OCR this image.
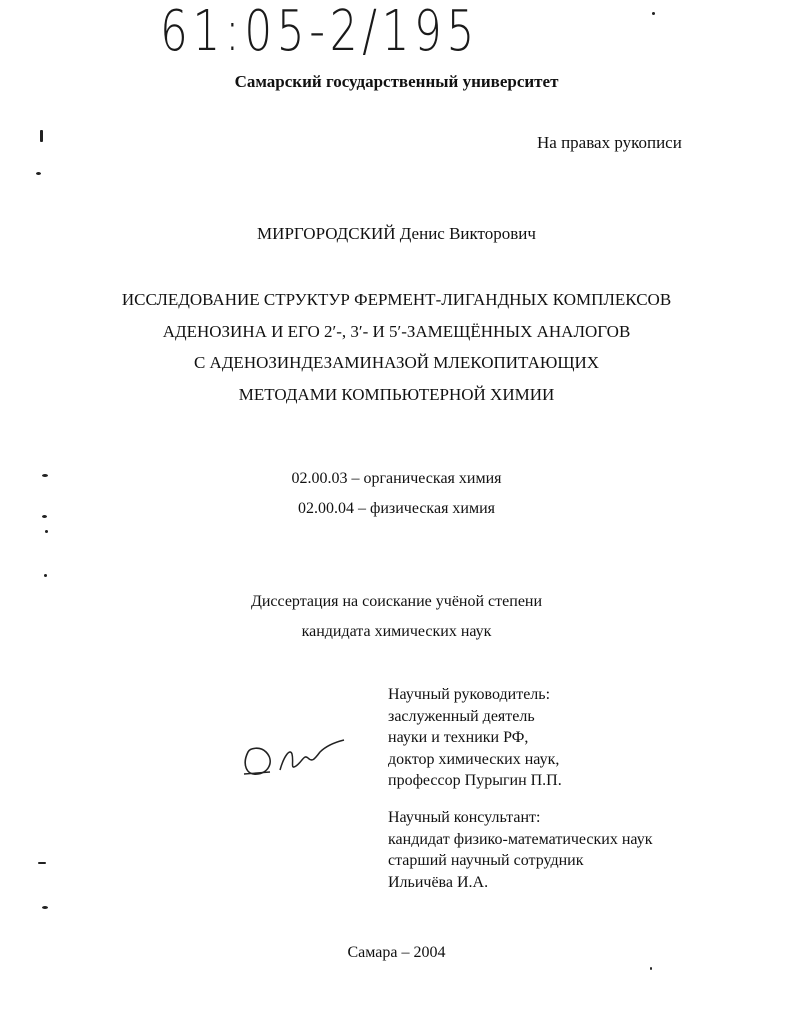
61:05-2/195
Самарский государственный университет
На правах рукописи
МИРГОРОДСКИЙ Денис Викторович
ИССЛЕДОВАНИЕ СТРУКТУР ФЕРМЕНТ-ЛИГАНДНЫХ КОМПЛЕКСОВ
АДЕНОЗИНА И ЕГО 2′-, 3′- И 5′-ЗАМЕЩЁННЫХ АНАЛОГОВ
С АДЕНОЗИНДЕЗАМИНАЗОЙ МЛЕКОПИТАЮЩИХ
МЕТОДАМИ КОМПЬЮТЕРНОЙ ХИМИИ
02.00.03 – органическая химия
02.00.04 – физическая химия
Диссертация на соискание учёной степени
кандидата химических наук
Научный руководитель:
заслуженный деятель
науки и техники РФ,
доктор химических наук,
профессор Пурыгин П.П.
Научный консультант:
кандидат физико-математических наук
старший научный сотрудник
Ильичёва И.А.
Самара – 2004
